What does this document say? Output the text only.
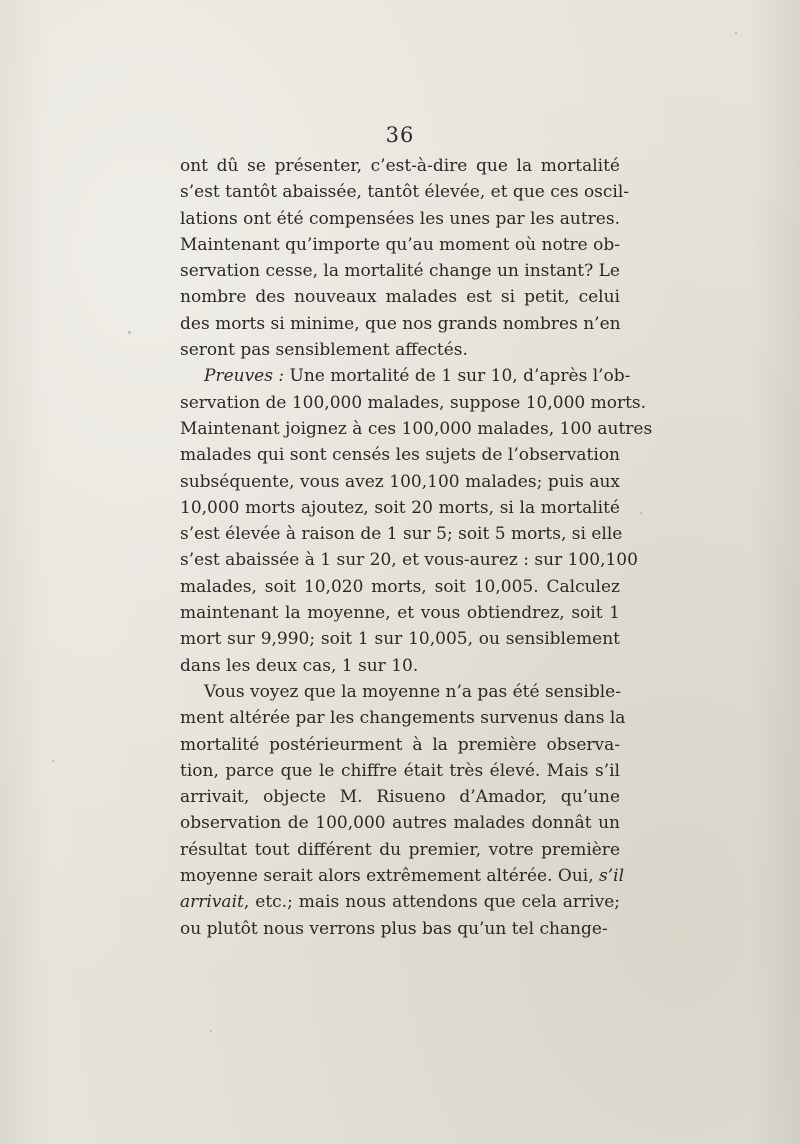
36
ont dû se présenter, c’est-à-dire que la mortalité
s’est tantôt abaissée, tantôt élevée, et que ces oscil-
lations ont été compensées les unes par les autres.
Maintenant qu’importe qu’au moment où notre ob-
servation cesse, la mortalité change un instant? Le
nombre des nouveaux malades est si petit, celui
des morts si minime, que nos grands nombres n’en
seront pas sensiblement affectés.
Preuves : Une mortalité de 1 sur 10, d’après l’ob-
servation de 100,000 malades, suppose 10,000 morts.
Maintenant joignez à ces 100,000 malades, 100 autres
malades qui sont censés les sujets de l’observation
subséquente, vous avez 100,100 malades; puis aux
10,000 morts ajoutez, soit 20 morts, si la mortalité
s’est élevée à raison de 1 sur 5; soit 5 morts, si elle
s’est abaissée à 1 sur 20, et vous-aurez : sur 100,100
malades, soit 10,020 morts, soit 10,005. Calculez
maintenant la moyenne, et vous obtiendrez, soit 1
mort sur 9,990; soit 1 sur 10,005, ou sensiblement
dans les deux cas, 1 sur 10.
Vous voyez que la moyenne n’a pas été sensible-
ment altérée par les changements survenus dans la
mortalité postérieurment à la première observa-
tion, parce que le chiffre était très élevé. Mais s’il
arrivait, objecte M. Risueno d’Amador, qu’une
observation de 100,000 autres malades donnât un
résultat tout différent du premier, votre première
moyenne serait alors extrêmement altérée. Oui, s’il
arrivait, etc.; mais nous attendons que cela arrive;
ou plutôt nous verrons plus bas qu’un tel change-
